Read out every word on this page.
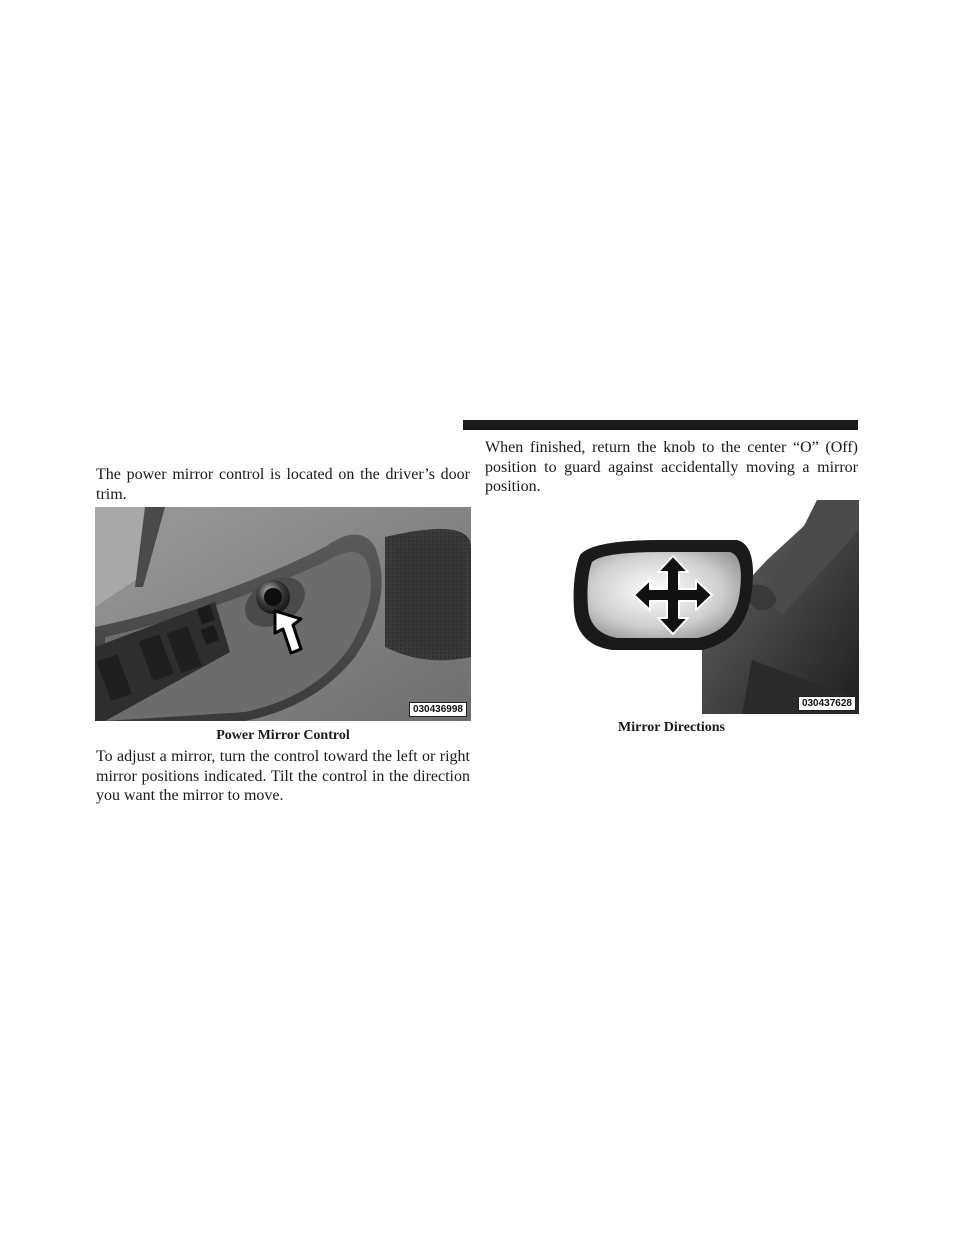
The power mirror control is located on the driver’s door trim.

030436998
Power Mirror Control

To adjust a mirror, turn the control toward the left or right mirror positions indicated. Tilt the control in the direction you want the mirror to move.

When finished, return the knob to the center “O” (Off) position to guard against accidentally moving a mirror position.

030437628
Mirror Directions
